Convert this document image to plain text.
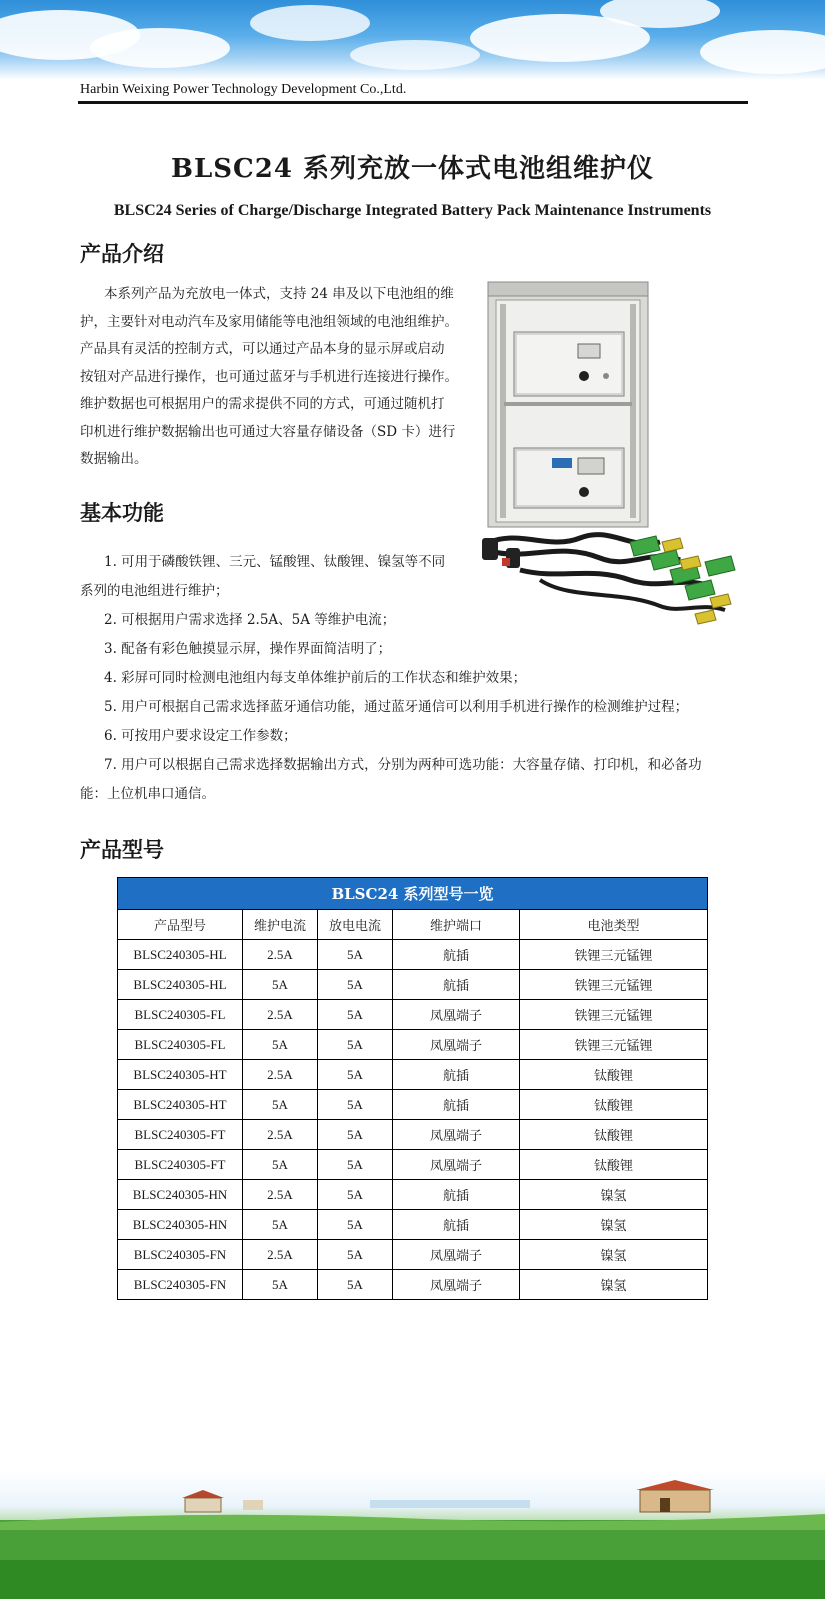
Harbin Weixing Power Technology Development Co.,Ltd.
BLSC24 系列充放一体式电池组维护仪
BLSC24 Series of Charge/Discharge Integrated Battery Pack Maintenance Instruments
产品介绍
本系列产品为充放电一体式，支持 24 串及以下电池组的维
护，主要针对电动汽车及家用储能等电池组领域的电池组维护。
产品具有灵活的控制方式，可以通过产品本身的显示屏或启动
按钮对产品进行操作，也可通过蓝牙与手机进行连接进行操作。
维护数据也可根据用户的需求提供不同的方式，可通过随机打
印机进行维护数据输出也可通过大容量存储设备（SD 卡）进行
数据输出。
基本功能
1. 可用于磷酸铁锂、三元、锰酸锂、钛酸锂、镍氢等不同
系列的电池组进行维护；
2. 可根据用户需求选择 2.5A、5A 等维护电流；
3. 配备有彩色触摸显示屏，操作界面简洁明了；
4. 彩屏可同时检测电池组内每支单体维护前后的工作状态和维护效果；
5. 用户可根据自己需求选择蓝牙通信功能，通过蓝牙通信可以利用手机进行操作的检测维护过程；
6. 可按用户要求设定工作参数；
7. 用户可以根据自己需求选择数据输出方式，分别为两种可选功能：大容量存储、打印机，和必备功
能：上位机串口通信。
产品型号
BLSC24 系列型号一览				
产品型号	维护电流	放电电流	维护端口	电池类型
BLSC240305-HL	2.5A	5A	航插	铁锂三元锰锂
BLSC240305-HL	5A	5A	航插	铁锂三元锰锂
BLSC240305-FL	2.5A	5A	凤凰端子	铁锂三元锰锂
BLSC240305-FL	5A	5A	凤凰端子	铁锂三元锰锂
BLSC240305-HT	2.5A	5A	航插	钛酸锂
BLSC240305-HT	5A	5A	航插	钛酸锂
BLSC240305-FT	2.5A	5A	凤凰端子	钛酸锂
BLSC240305-FT	5A	5A	凤凰端子	钛酸锂
BLSC240305-HN	2.5A	5A	航插	镍氢
BLSC240305-HN	5A	5A	航插	镍氢
BLSC240305-FN	2.5A	5A	凤凰端子	镍氢
BLSC240305-FN	5A	5A	凤凰端子	镍氢
